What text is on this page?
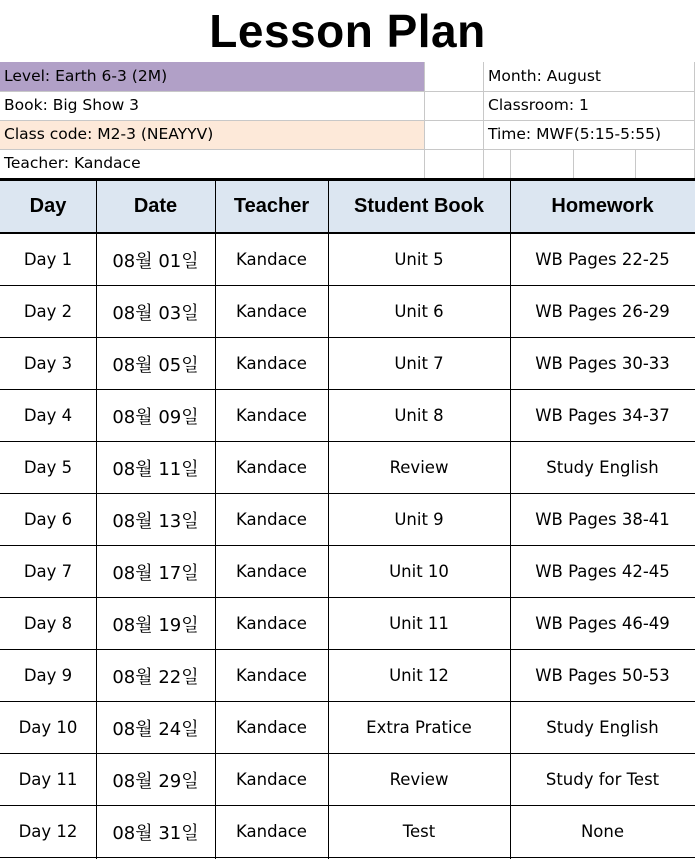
Lesson Plan
Level: Earth 6-3 (2M)	Month: August
Book: Big Show 3	Classroom: 1
Class code: M2-3 (NEAYYV)	Time: MWF(5:15-5:55)
Teacher: Kandace
Day	Date	Teacher	Student Book	Homework
Day 1	08월 01일	Kandace	Unit 5	WB Pages 22-25
Day 2	08월 03일	Kandace	Unit 6	WB Pages 26-29
Day 3	08월 05일	Kandace	Unit 7	WB Pages 30-33
Day 4	08월 09일	Kandace	Unit 8	WB Pages 34-37
Day 5	08월 11일	Kandace	Review	Study English
Day 6	08월 13일	Kandace	Unit 9	WB Pages 38-41
Day 7	08월 17일	Kandace	Unit 10	WB Pages 42-45
Day 8	08월 19일	Kandace	Unit 11	WB Pages 46-49
Day 9	08월 22일	Kandace	Unit 12	WB Pages 50-53
Day 10	08월 24일	Kandace	Extra Pratice	Study English
Day 11	08월 29일	Kandace	Review	Study for Test
Day 12	08월 31일	Kandace	Test	None
